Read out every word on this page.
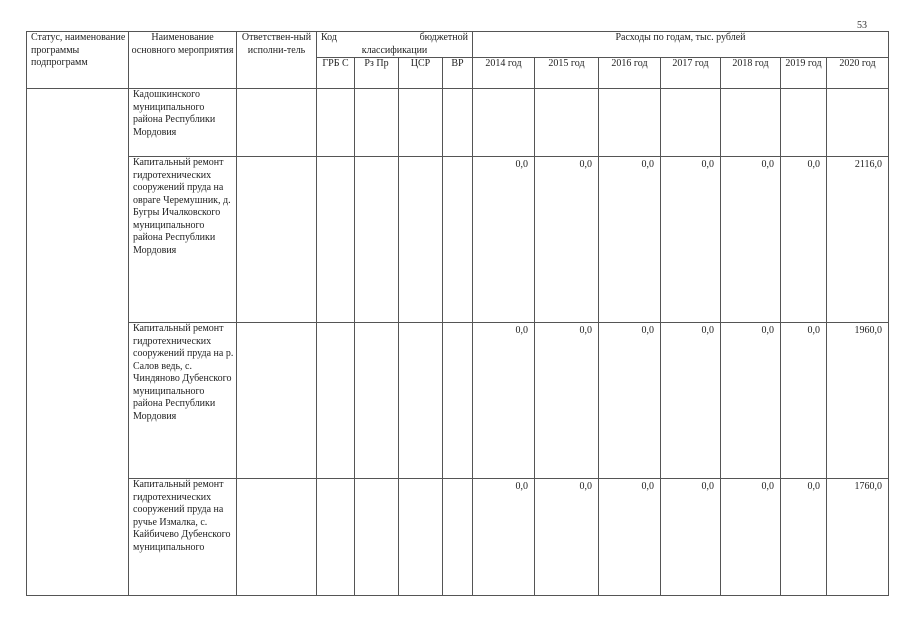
53
Статус, наименование программы подпрограмм	Наименование основного мероприятия	Ответствен-ный исполни-тель	Код бюджетной
классификации				Расходы по годам, тыс. рублей						
			ГРБ С	Рз Пр	ЦСР	ВР	2014 год	2015 год	2016 год	2017 год	2018 год	2019 год	2020 год
	Кадошкинского муниципального района Республики Мордовия												
	Капитальный ремонт гидротехнических сооружений пруда на овраге Черемушник, д. Бугры Ичалковского муниципального района Республики Мордовия						0,0	0,0	0,0	0,0	0,0	0,0	2116,0
	Капитальный ремонт гидротехнических сооружений пруда на р. Салов ведь, с. Чиндяново Дубенского муниципального района Республики Мордовия						0,0	0,0	0,0	0,0	0,0	0,0	1960,0
	Капитальный ремонт гидротехнических сооружений пруда на ручье Измалка, с. Кайбичево Дубенского муниципального						0,0	0,0	0,0	0,0	0,0	0,0	1760,0
